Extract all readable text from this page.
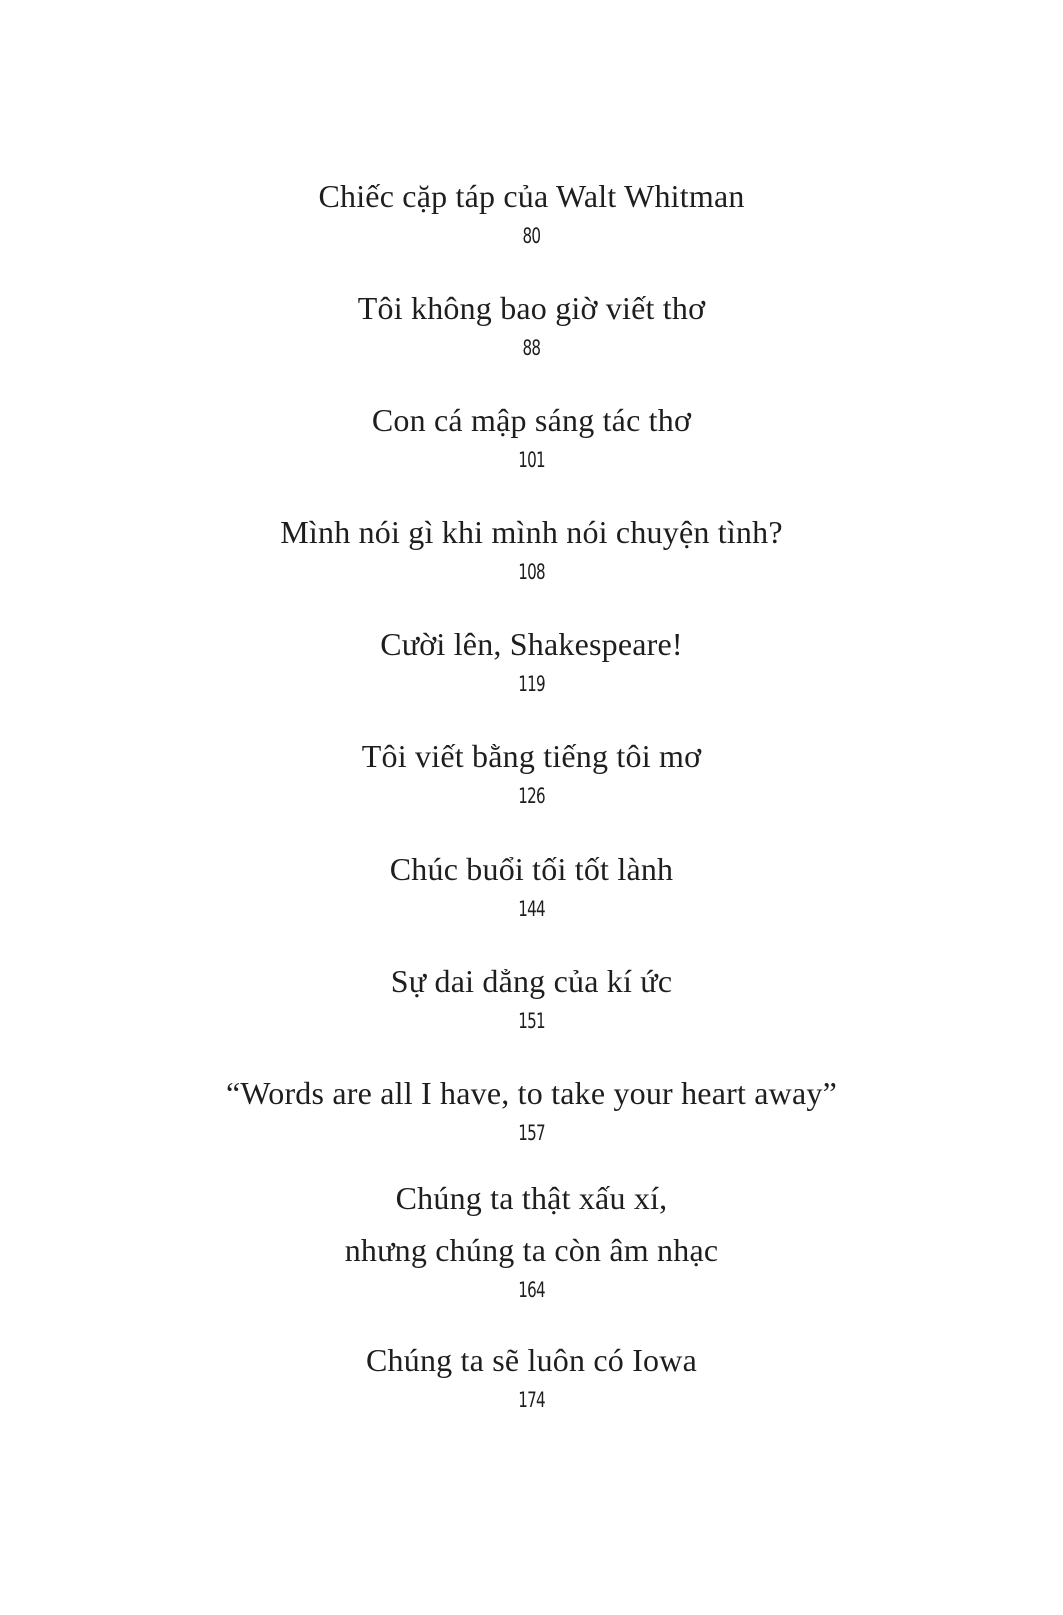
Chiếc cặp táp của Walt Whitman
80
Tôi không bao giờ viết thơ
88
Con cá mập sáng tác thơ
101
Mình nói gì khi mình nói chuyện tình?
108
Cười lên, Shakespeare!
119
Tôi viết bằng tiếng tôi mơ
126
Chúc buổi tối tốt lành
144
Sự dai dẳng của kí ức
151
“Words are all I have, to take your heart away”
157
Chúng ta thật xấu xí,
nhưng chúng ta còn âm nhạc
164
Chúng ta sẽ luôn có Iowa
174
